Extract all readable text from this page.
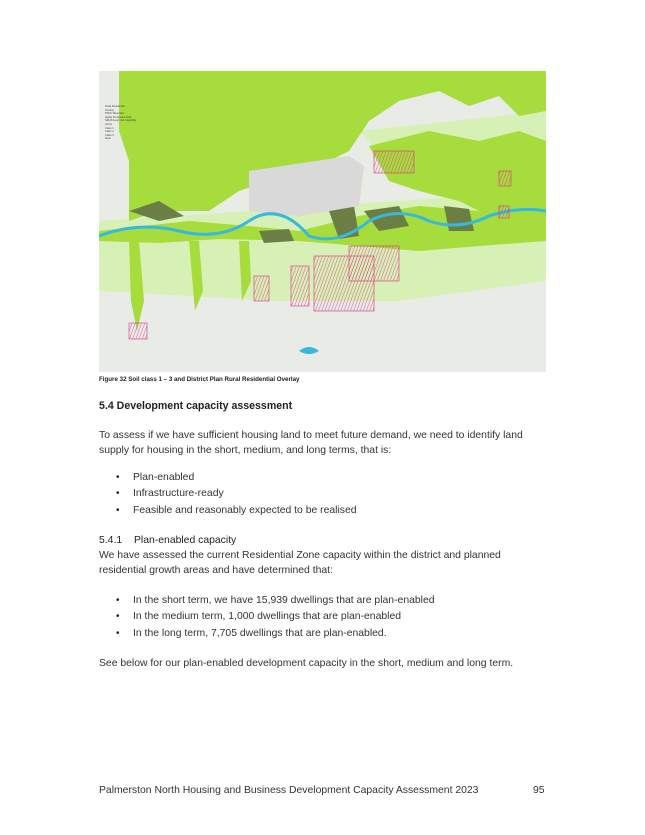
Rural Residential
Overlay
PNCC Boundary
Highly Productive Soils
NZLRI Land Use Capability
(LUC)
Class 1
Class 2
Class 3
River
Figure 32 Soil class 1 – 3 and District Plan Rural Residential Overlay
5.4 Development capacity assessment

To assess if we have sufficient housing land to meet future demand, we need to identify land supply for housing in the short, medium, and long terms, that is:

• Plan-enabled
• Infrastructure-ready
• Feasible and reasonably expected to be realised
5.4.1 Plan-enabled capacity

We have assessed the current Residential Zone capacity within the district and planned residential growth areas and have determined that:

• In the short term, we have 15,939 dwellings that are plan-enabled
• In the medium term, 1,000 dwellings that are plan-enabled
• In the long term, 7,705 dwellings that are plan-enabled.

See below for our plan-enabled development capacity in the short, medium and long term.

Palmerston North Housing and Business Development Capacity Assessment 2023	95
